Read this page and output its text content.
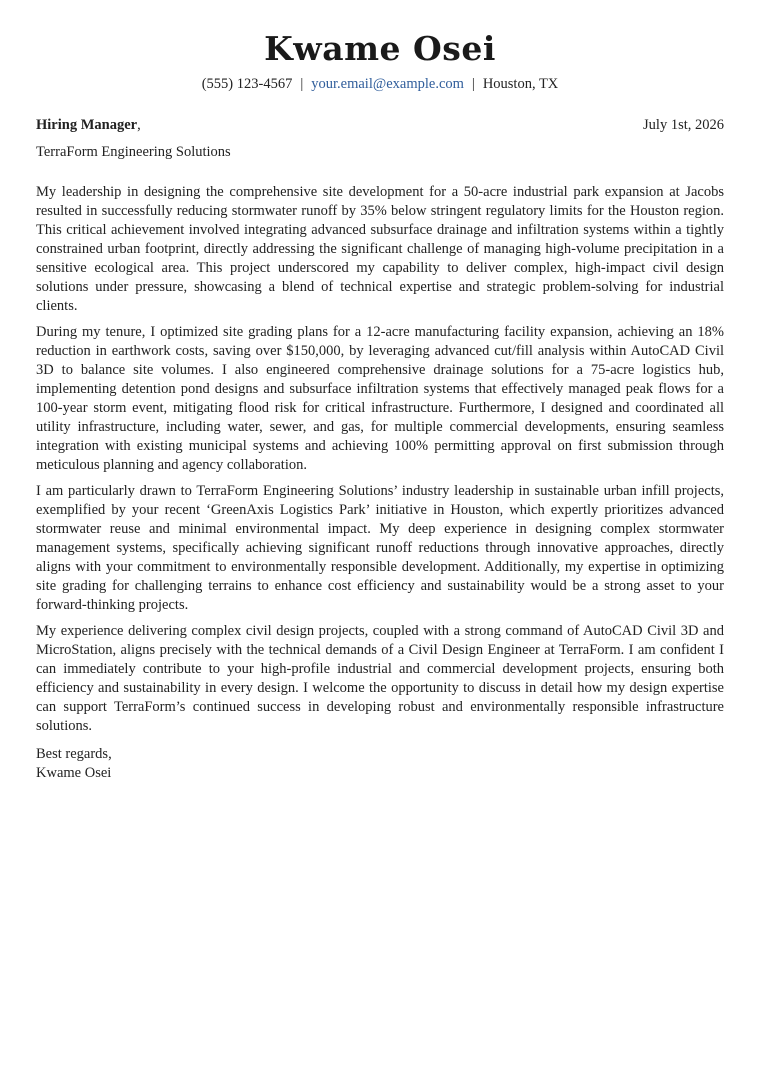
Kwame Osei
(555) 123-4567 | your.email@example.com | Houston, TX
Hiring Manager,	July 1st, 2026
TerraForm Engineering Solutions

My leadership in designing the comprehensive site development for a 50-acre industrial park expansion at Jacobs resulted in successfully reducing stormwater runoff by 35% below stringent regulatory limits for the Houston region. This critical achievement involved integrating advanced subsurface drainage and infiltration systems within a tightly constrained urban footprint, directly addressing the significant challenge of managing high-volume precipitation in a sensitive ecological area. This project underscored my capability to deliver complex, high-impact civil design solutions under pressure, showcasing a blend of technical expertise and strategic problem-solving for industrial clients.

During my tenure, I optimized site grading plans for a 12-acre manufacturing facility expansion, achieving an 18% reduction in earthwork costs, saving over $150,000, by leveraging advanced cut/fill analysis within AutoCAD Civil 3D to balance site volumes. I also engineered comprehensive drainage solutions for a 75-acre logistics hub, implementing detention pond designs and subsurface infiltration systems that effectively managed peak flows for a 100-year storm event, mitigating flood risk for critical infrastructure. Furthermore, I designed and coordinated all utility infrastructure, including water, sewer, and gas, for multiple commercial developments, ensuring seamless integration with existing municipal systems and achieving 100% permitting approval on first submission through meticulous planning and agency collaboration.

I am particularly drawn to TerraForm Engineering Solutions’ industry leadership in sustainable urban infill projects, exemplified by your recent ‘GreenAxis Logistics Park’ initiative in Houston, which expertly prioritizes advanced stormwater reuse and minimal environmental impact. My deep experience in designing complex stormwater management systems, specifically achieving significant runoff reductions through innovative approaches, directly aligns with your commitment to environmentally responsible development. Additionally, my expertise in optimizing site grading for challenging terrains to enhance cost efficiency and sustainability would be a strong asset to your forward-thinking projects.

My experience delivering complex civil design projects, coupled with a strong command of AutoCAD Civil 3D and MicroStation, aligns precisely with the technical demands of a Civil Design Engineer at TerraForm. I am confident I can immediately contribute to your high-profile industrial and commercial development projects, ensuring both efficiency and sustainability in every design. I welcome the opportunity to discuss in detail how my design expertise can support TerraForm’s continued success in developing robust and environmentally responsible infrastructure solutions.

Best regards,
Kwame Osei
